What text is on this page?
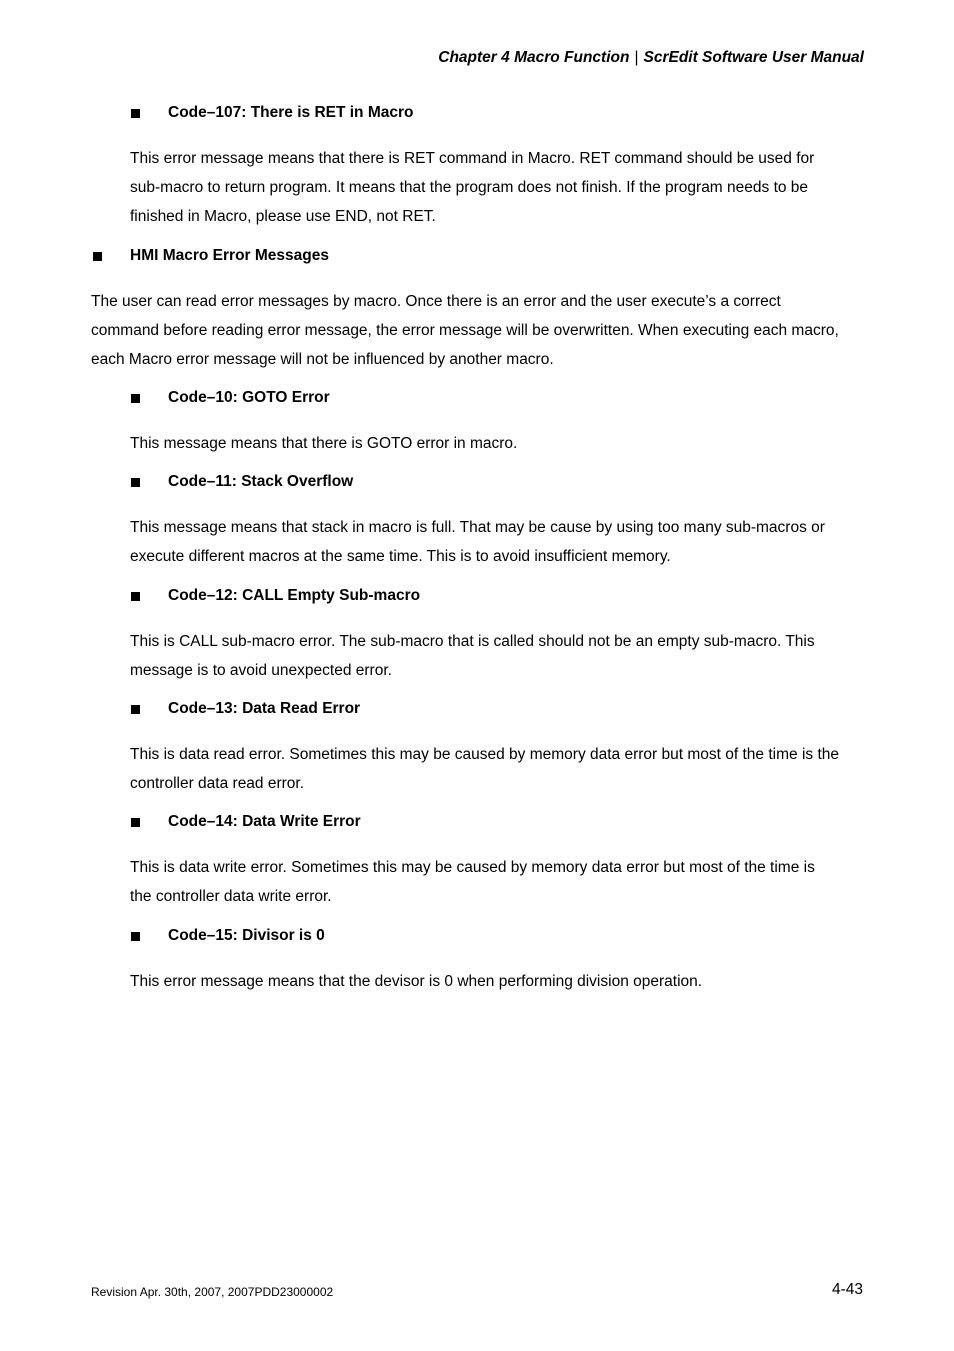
Chapter 4 Macro Function | ScrEdit Software User Manual
Code–107: There is RET in Macro
This error message means that there is RET command in Macro. RET command should be used for
sub-macro to return program. It means that the program does not finish. If the program needs to be
finished in Macro, please use END, not RET.
HMI Macro Error Messages
The user can read error messages by macro. Once there is an error and the user execute’s a correct
command before reading error message, the error message will be overwritten. When executing each macro,
each Macro error message will not be influenced by another macro.
Code–10: GOTO Error
This message means that there is GOTO error in macro.
Code–11: Stack Overflow
This message means that stack in macro is full. That may be cause by using too many sub-macros or
execute different macros at the same time. This is to avoid insufficient memory.
Code–12: CALL Empty Sub-macro
This is CALL sub-macro error. The sub-macro that is called should not be an empty sub-macro. This
message is to avoid unexpected error.
Code–13: Data Read Error
This is data read error. Sometimes this may be caused by memory data error but most of the time is the
controller data read error.
Code–14: Data Write Error
This is data write error. Sometimes this may be caused by memory data error but most of the time is
the controller data write error.
Code–15: Divisor is 0
This error message means that the devisor is 0 when performing division operation.
Revision Apr. 30th, 2007, 2007PDD23000002	4-43
